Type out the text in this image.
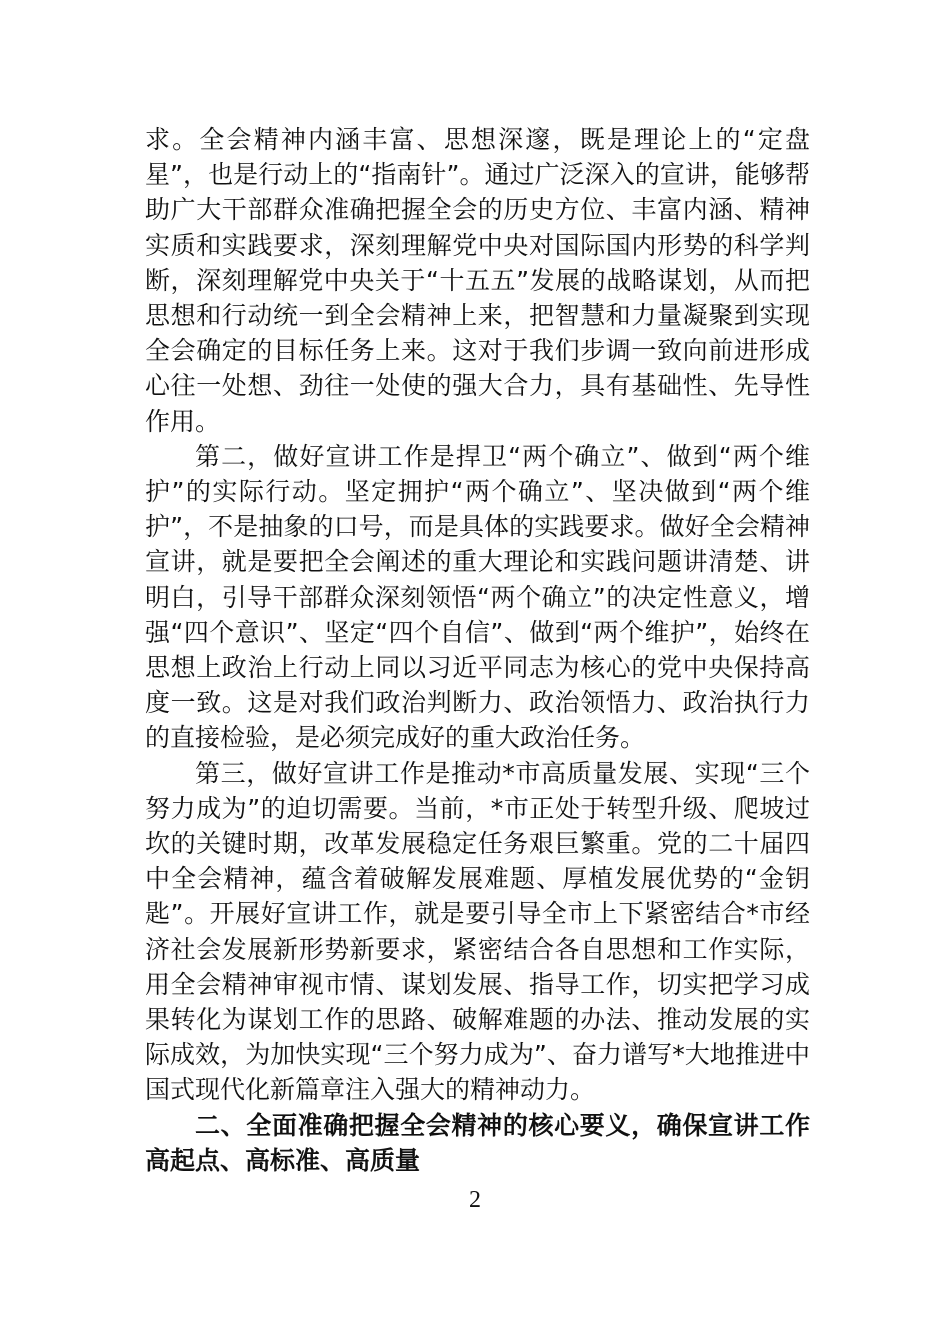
求。全会精神内涵丰富、思想深邃，既是理论上的“定盘星”，也是行动上的“指南针”。通过广泛深入的宣讲，能够帮助广大干部群众准确把握全会的历史方位、丰富内涵、精神实质和实践要求，深刻理解党中央对国际国内形势的科学判断，深刻理解党中央关于“十五五”发展的战略谋划，从而把思想和行动统一到全会精神上来，把智慧和力量凝聚到实现全会确定的目标任务上来。这对于我们步调一致向前进形成心往一处想、劲往一处使的强大合力，具有基础性、先导性作用。

第二，做好宣讲工作是捍卫“两个确立”、做到“两个维护”的实际行动。坚定拥护“两个确立”、坚决做到“两个维护”，不是抽象的口号，而是具体的实践要求。做好全会精神宣讲，就是要把全会阐述的重大理论和实践问题讲清楚、讲明白，引导干部群众深刻领悟“两个确立”的决定性意义，增强“四个意识”、坚定“四个自信”、做到“两个维护”，始终在思想上政治上行动上同以习近平同志为核心的党中央保持高度一致。这是对我们政治判断力、政治领悟力、政治执行力的直接检验，是必须完成好的重大政治任务。

第三，做好宣讲工作是推动*市高质量发展、实现“三个努力成为”的迫切需要。当前，*市正处于转型升级、爬坡过坎的关键时期，改革发展稳定任务艰巨繁重。党的二十届四中全会精神，蕴含着破解发展难题、厚植发展优势的“金钥匙”。开展好宣讲工作，就是要引导全市上下紧密结合*市经济社会发展新形势新要求，紧密结合各自思想和工作实际，用全会精神审视市情、谋划发展、指导工作，切实把学习成果转化为谋划工作的思路、破解难题的办法、推动发展的实际成效，为加快实现“三个努力成为”、奋力谱写*大地推进中国式现代化新篇章注入强大的精神动力。

二、全面准确把握全会精神的核心要义，确保宣讲工作高起点、高标准、高质量

2
